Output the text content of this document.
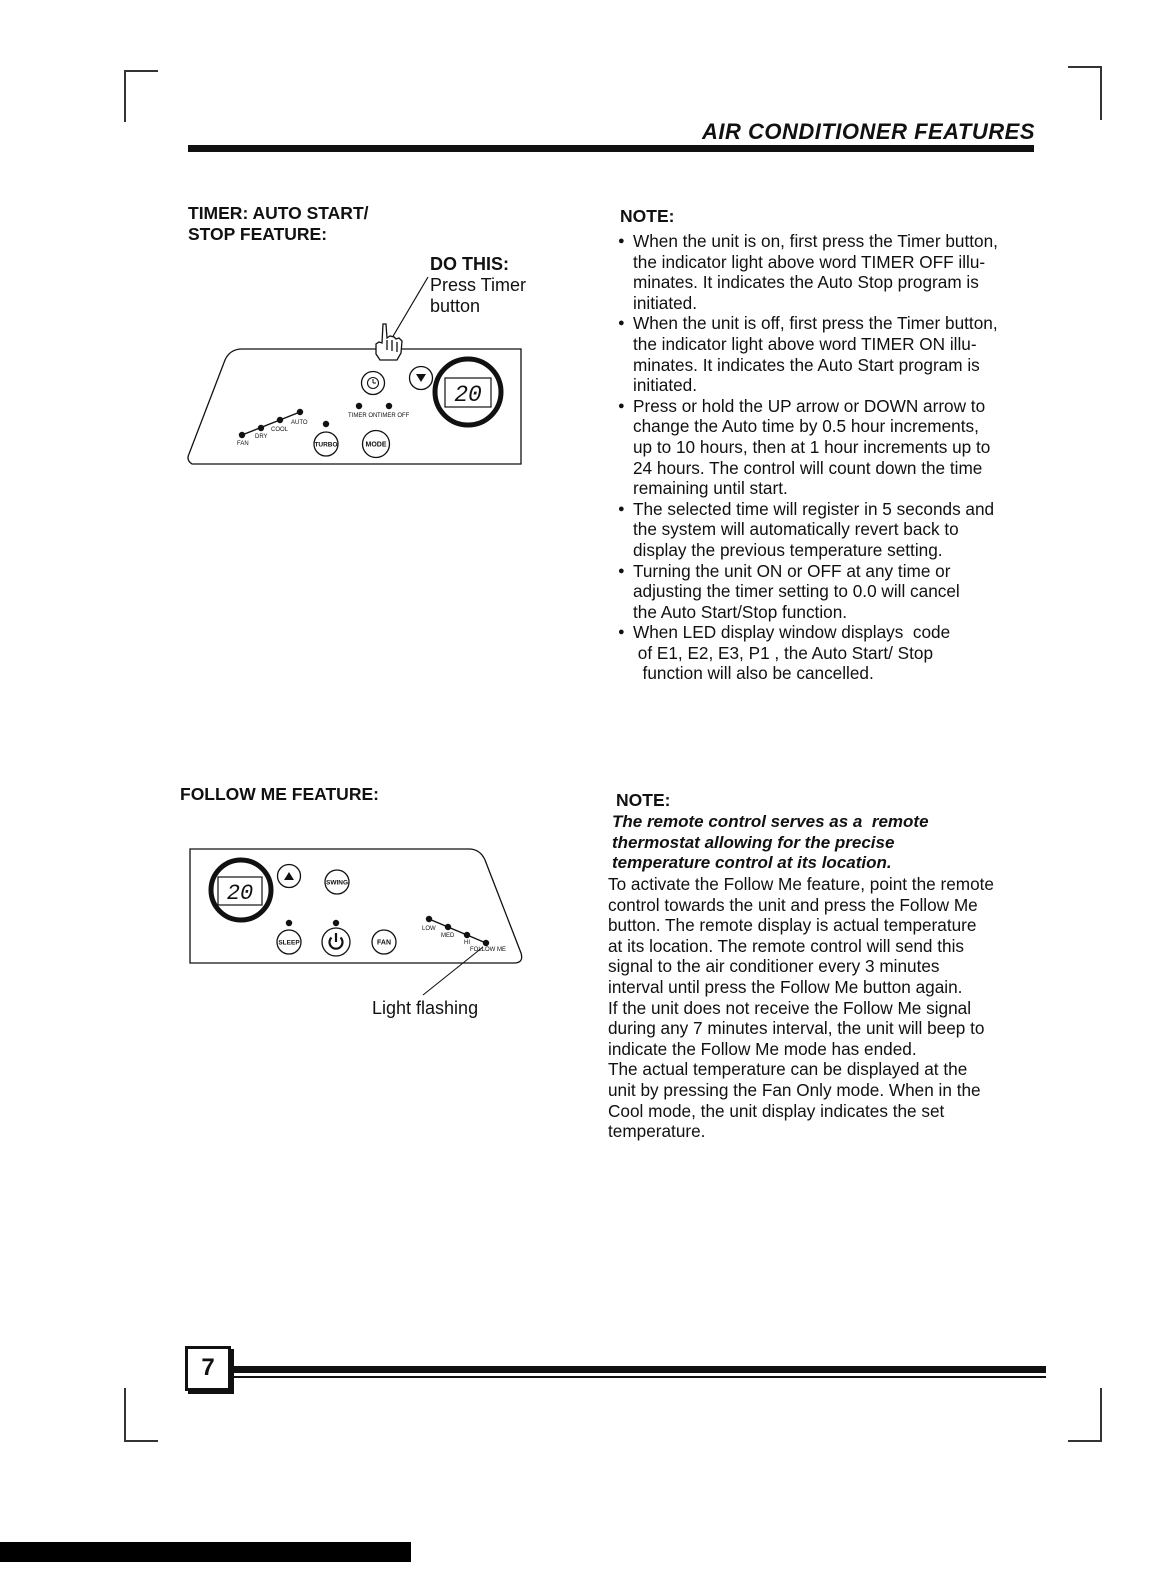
AIR CONDITIONER FEATURES
TIMER: AUTO START/
STOP FEATURE:
DO THIS:
Press Timer
button
20
TIMER ON TIMER OFF
FAN
DRY
COOL
AUTO
TURBO	MODE
NOTE:
● When the unit is on, first press the Timer button,
the indicator light above word TIMER OFF illu-
minates. It indicates the Auto Stop program is
initiated.
● When the unit is off, first press the Timer button,
the indicator light above word TIMER ON illu-
minates. It indicates the Auto Start program is
initiated.
● Press or hold the UP arrow or DOWN arrow to
change the Auto time by 0.5 hour increments,
up to 10 hours, then at 1 hour increments up to
24 hours. The control will count down the time
remaining until start.
● The selected time will register in 5 seconds and
the system will automatically revert back to
display the previous temperature setting.
● Turning the unit ON or OFF at any time or
adjusting the timer setting to 0.0 will cancel
the Auto Start/Stop function.
● When LED display window displays  code
of E1, E2, E3, P1 , the Auto Start/ Stop
function will also be cancelled.
FOLLOW ME FEATURE:
20	SWING
SLEEP	FAN
LOW
MED
HI
FOLLOW ME
Light flashing
NOTE:
The remote control serves as a  remote
thermostat allowing for the precise
temperature control at its location.

To activate the Follow Me feature, point the remote

control towards the unit and press the Follow Me

button. The remote display is actual temperature

at its location. The remote control will send this

signal to the air conditioner every 3 minutes

interval until press the Follow Me button again.

If the unit does not receive the Follow Me signal

during any 7 minutes interval, the unit will beep to

indicate the Follow Me mode has ended.

The actual temperature can be displayed at the

unit by pressing the Fan Only mode. When in the

Cool mode, the unit display indicates the set

temperature.

7
